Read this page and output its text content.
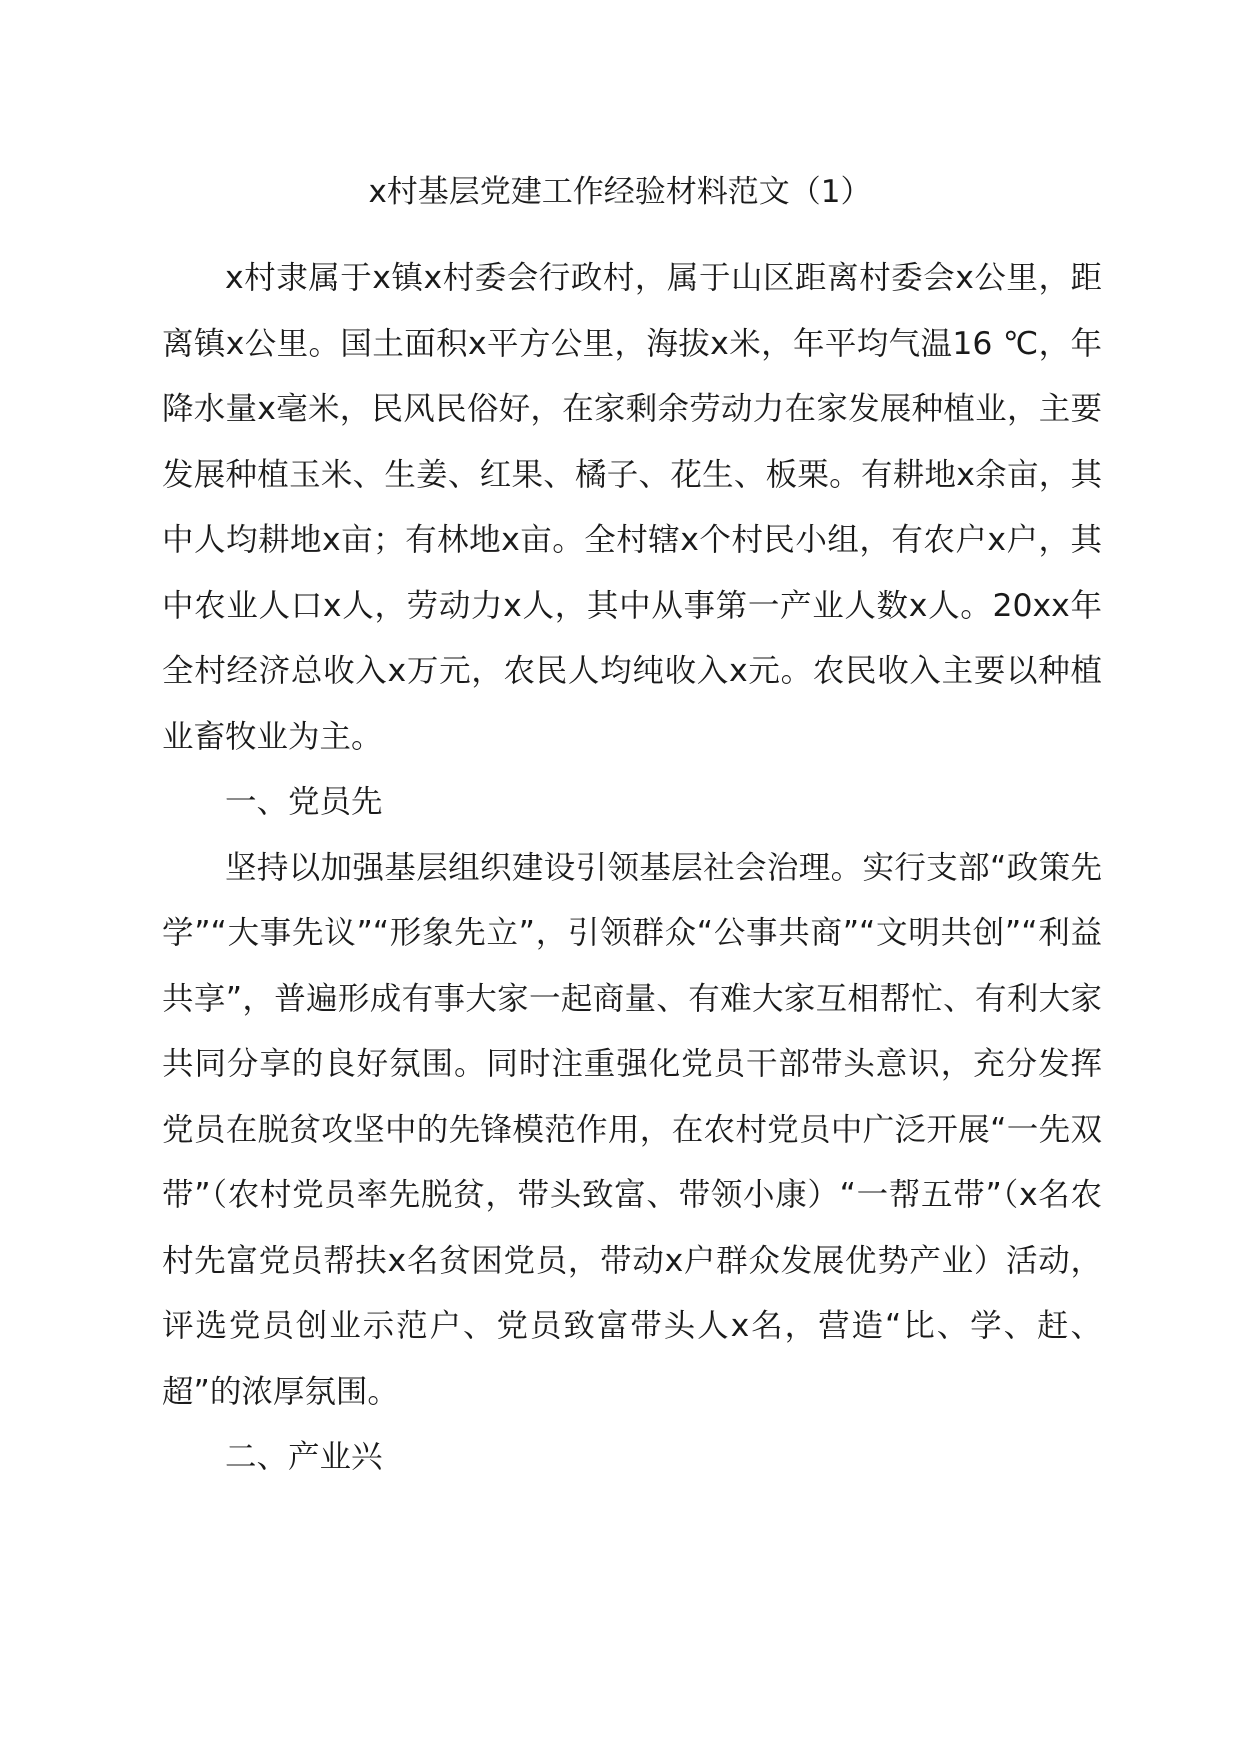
x村基层党建工作经验材料范文（1）

x村隶属于x镇x村委会行政村，属于山区距离村委会x公里，距离镇x公里。国土面积x平方公里，海拔x米，年平均气温16 ℃，年降水量x毫米，民风民俗好，在家剩余劳动力在家发展种植业，主要发展种植玉米、生姜、红果、橘子、花生、板栗。有耕地x余亩，其中人均耕地x亩；有林地x亩。全村辖x个村民小组，有农户x户，其中农业人口x人，劳动力x人，其中从事第一产业人数x人。20xx年全村经济总收入x万元，农民人均纯收入x元。农民收入主要以种植业畜牧业为主。

一、党员先

坚持以加强基层组织建设引领基层社会治理。实行支部“政策先学”“大事先议”“形象先立”，引领群众“公事共商”“文明共创”“利益共享”，普遍形成有事大家一起商量、有难大家互相帮忙、有利大家共同分享的良好氛围。同时注重强化党员干部带头意识，充分发挥党员在脱贫攻坚中的先锋模范作用，在农村党员中广泛开展“一先双带”（农村党员率先脱贫，带头致富、带领小康）“一帮五带”（x名农村先富党员帮扶x名贫困党员，带动x户群众发展优势产业）活动，评选党员创业示范户、党员致富带头人x名，营造“比、学、赶、超”的浓厚氛围。

二、产业兴
